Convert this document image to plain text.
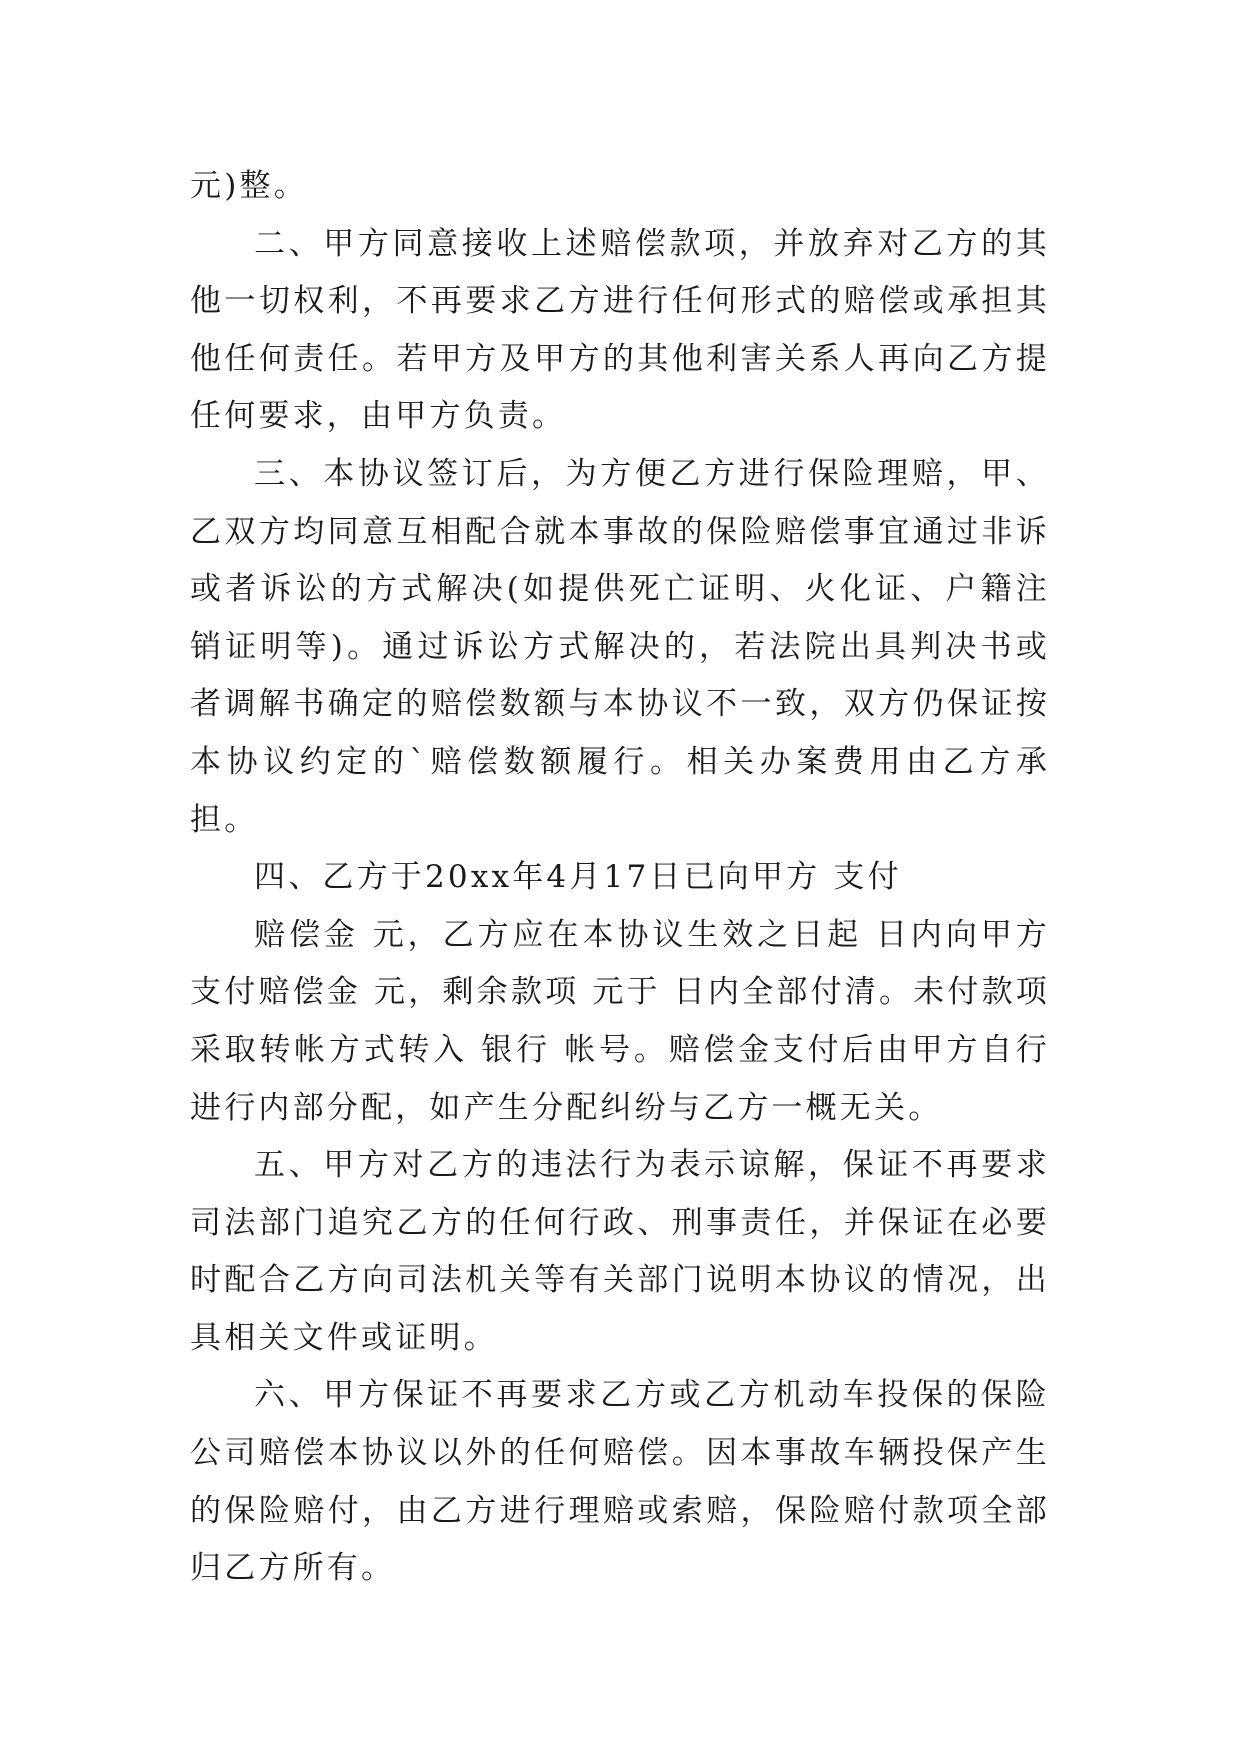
元)整。

二、甲方同意接收上述赔偿款项，并放弃对乙方的其他一切权利，不再要求乙方进行任何形式的赔偿或承担其他任何责任。若甲方及甲方的其他利害关系人再向乙方提任何要求，由甲方负责。

三、本协议签订后，为方便乙方进行保险理赔，甲、乙双方均同意互相配合就本事故的保险赔偿事宜通过非诉或者诉讼的方式解决(如提供死亡证明、火化证、户籍注销证明等)。通过诉讼方式解决的，若法院出具判决书或者调解书确定的赔偿数额与本协议不一致，双方仍保证按本协议约定的`赔偿数额履行。相关办案费用由乙方承担。

四、乙方于20xx年4月17日已向甲方 支付

赔偿金 元，乙方应在本协议生效之日起 日内向甲方支付赔偿金 元，剩余款项 元于 日内全部付清。未付款项采取转帐方式转入 银行 帐号。赔偿金支付后由甲方自行进行内部分配，如产生分配纠纷与乙方一概无关。

五、甲方对乙方的违法行为表示谅解，保证不再要求司法部门追究乙方的任何行政、刑事责任，并保证在必要时配合乙方向司法机关等有关部门说明本协议的情况，出具相关文件或证明。

六、甲方保证不再要求乙方或乙方机动车投保的保险公司赔偿本协议以外的任何赔偿。因本事故车辆投保产生的保险赔付，由乙方进行理赔或索赔，保险赔付款项全部归乙方所有。
